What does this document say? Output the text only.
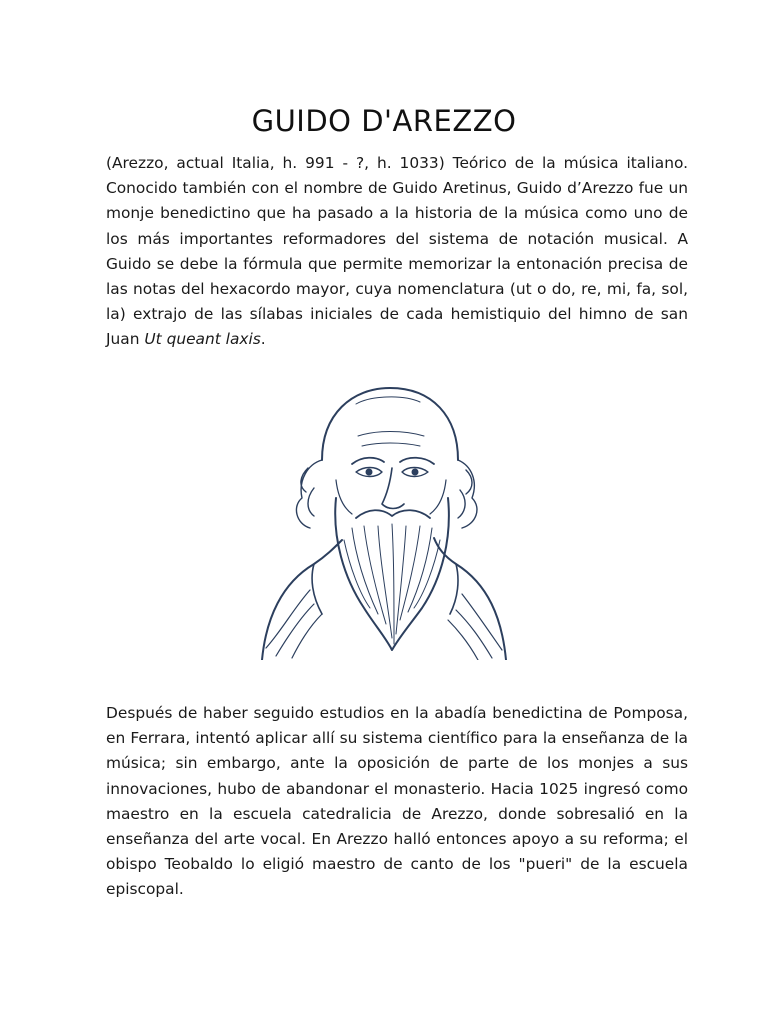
GUIDO D'AREZZO

(Arezzo, actual Italia, h. 991 - ?, h. 1033) Teórico de la música italiano. Conocido también con el nombre de Guido Aretinus, Guido d’Arezzo fue un monje benedictino que ha pasado a la historia de la música como uno de los más importantes reformadores del sistema de notación musical. A Guido se debe la fórmula que permite memorizar la entonación precisa de las notas del hexacordo mayor, cuya nomenclatura (ut o do, re, mi, fa, sol, la) extrajo de las sílabas iniciales de cada hemistiquio del himno de san Juan Ut queant laxis.

Después de haber seguido estudios en la abadía benedictina de Pomposa, en Ferrara, intentó aplicar allí su sistema científico para la enseñanza de la música; sin embargo, ante la oposición de parte de los monjes a sus innovaciones, hubo de abandonar el monasterio. Hacia 1025 ingresó como maestro en la escuela catedralicia de Arezzo, donde sobresalió en la enseñanza del arte vocal. En Arezzo halló entonces apoyo a su reforma; el obispo Teobaldo lo eligió maestro de canto de los "pueri" de la escuela episcopal.
